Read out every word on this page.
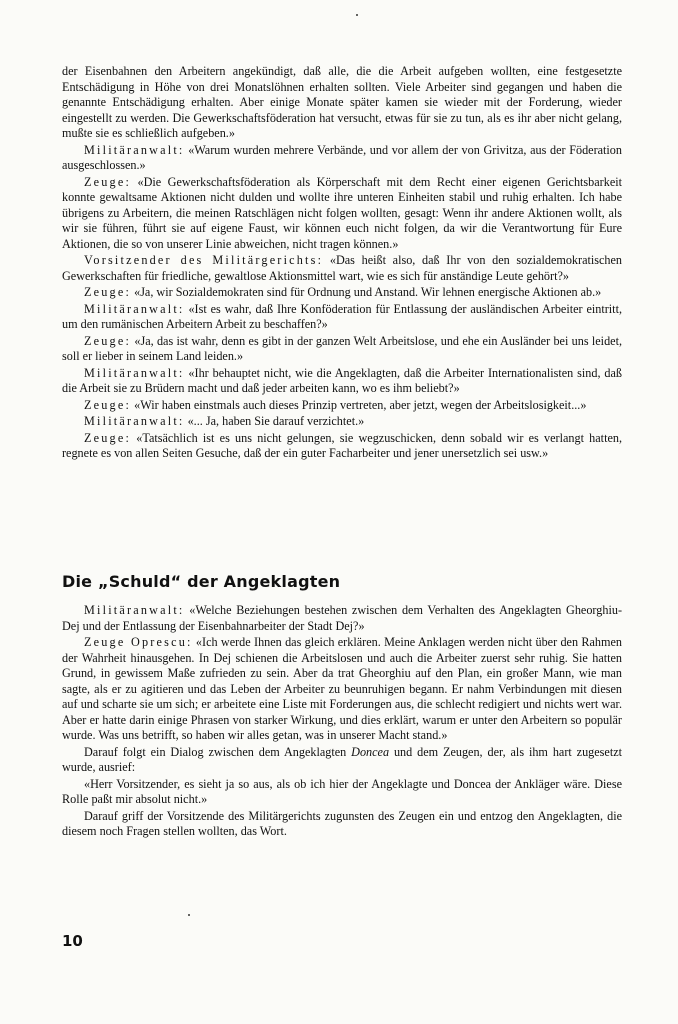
der Eisenbahnen den Arbeitern angekündigt, daß alle, die die Arbeit aufgeben wollten, eine festgesetzte Entschädigung in Höhe von drei Monatslöhnen erhalten sollten. Viele Arbeiter sind gegangen und haben die genannte Entschädigung erhalten. Aber einige Monate später kamen sie wieder mit der Forderung, wieder eingestellt zu werden. Die Gewerkschaftsföderation hat versucht, etwas für sie zu tun, als es ihr aber nicht gelang, mußte sie es schließlich aufgeben.»

Militäranwalt: «Warum wurden mehrere Verbände, und vor allem der von Grivitza, aus der Föderation ausgeschlossen.»

Zeuge: «Die Gewerkschaftsföderation als Körperschaft mit dem Recht einer eigenen Gerichtsbarkeit konnte gewaltsame Aktionen nicht dulden und wollte ihre unteren Einheiten stabil und ruhig erhalten. Ich habe übrigens zu Arbeitern, die meinen Ratschlägen nicht folgen wollten, gesagt: Wenn ihr andere Aktionen wollt, als wir sie führen, führt sie auf eigene Faust, wir können euch nicht folgen, da wir die Verantwortung für Eure Aktionen, die so von unserer Linie abweichen, nicht tragen können.»

Vorsitzender des Militärgerichts: «Das heißt also, daß Ihr von den sozialdemokratischen Gewerkschaften für friedliche, gewaltlose Aktionsmittel wart, wie es sich für anständige Leute gehört?»

Zeuge: «Ja, wir Sozialdemokraten sind für Ordnung und Anstand. Wir lehnen energische Aktionen ab.»

Militäranwalt: «Ist es wahr, daß Ihre Konföderation für Entlassung der ausländischen Arbeiter eintritt, um den rumänischen Arbeitern Arbeit zu beschaffen?»

Zeuge: «Ja, das ist wahr, denn es gibt in der ganzen Welt Arbeitslose, und ehe ein Ausländer bei uns leidet, soll er lieber in seinem Land leiden.»

Militäranwalt: «Ihr behauptet nicht, wie die Angeklagten, daß die Arbeiter Internationalisten sind, daß die Arbeit sie zu Brüdern macht und daß jeder arbeiten kann, wo es ihm beliebt?»

Zeuge: «Wir haben einstmals auch dieses Prinzip vertreten, aber jetzt, wegen der Arbeitslosigkeit...»

Militäranwalt: «... Ja, haben Sie darauf verzichtet.»

Zeuge: «Tatsächlich ist es uns nicht gelungen, sie wegzuschicken, denn sobald wir es verlangt hatten, regnete es von allen Seiten Gesuche, daß der ein guter Facharbeiter und jener unersetzlich sei usw.»

Die „Schuld“ der Angeklagten

Militäranwalt: «Welche Beziehungen bestehen zwischen dem Verhalten des Angeklagten Gheorghiu-Dej und der Entlassung der Eisenbahnarbeiter der Stadt Dej?»

Zeuge Oprescu: «Ich werde Ihnen das gleich erklären. Meine Anklagen werden nicht über den Rahmen der Wahrheit hinausgehen. In Dej schienen die Arbeitslosen und auch die Arbeiter zuerst sehr ruhig. Sie hatten Grund, in gewissem Maße zufrieden zu sein. Aber da trat Gheorghiu auf den Plan, ein großer Mann, wie man sagte, als er zu agitieren und das Leben der Arbeiter zu beunruhigen begann. Er nahm Verbindungen mit diesen auf und scharte sie um sich; er arbeitete eine Liste mit Forderungen aus, die schlecht redigiert und nichts wert war. Aber er hatte darin einige Phrasen von starker Wirkung, und dies erklärt, warum er unter den Arbeitern so populär wurde. Was uns betrifft, so haben wir alles getan, was in unserer Macht stand.»

Darauf folgt ein Dialog zwischen dem Angeklagten Doncea und dem Zeugen, der, als ihm hart zugesetzt wurde, ausrief:

«Herr Vorsitzender, es sieht ja so aus, als ob ich hier der Angeklagte und Doncea der Ankläger wäre. Diese Rolle paßt mir absolut nicht.»

Darauf griff der Vorsitzende des Militärgerichts zugunsten des Zeugen ein und entzog den Angeklagten, die diesem noch Fragen stellen wollten, das Wort.

10
